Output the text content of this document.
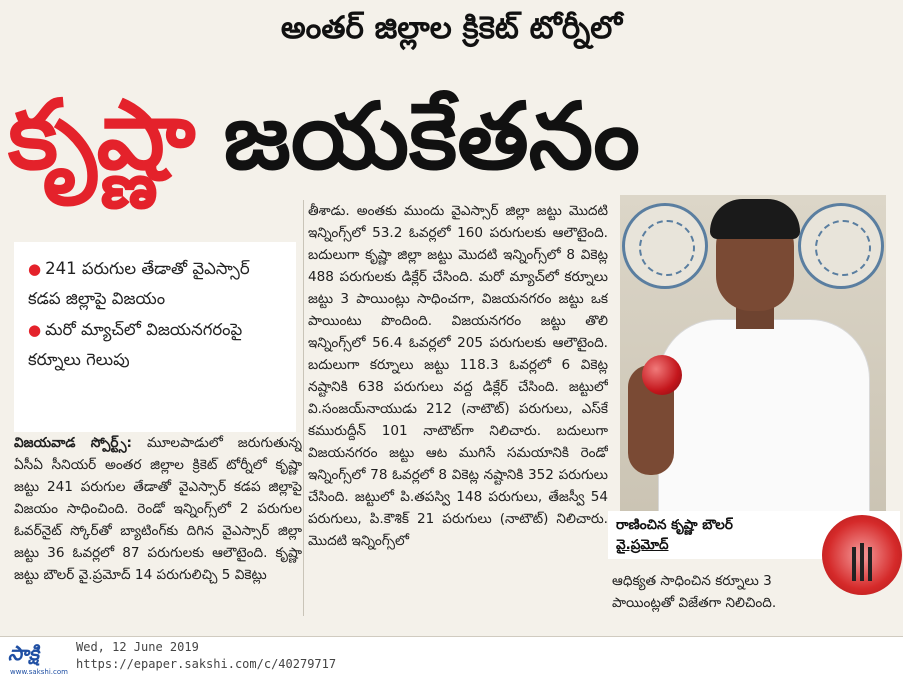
అంతర్ జిల్లాల క్రికెట్ టోర్నీలో
కృష్ణా జయకేతనం
● 241 పరుగుల తేడాతో వైఎస్సార్ కడప జిల్లాపై విజయం
● మరో మ్యాచ్‌లో విజయనగరంపై కర్నూలు గెలుపు

విజయవాడ స్పోర్ట్స్: మూలపాడులో జరుగుతున్న ఏసీఏ సీనియర్ అంతర జిల్లాల క్రికెట్ టోర్నీలో కృష్ణా జట్టు 241 పరుగుల తేడాతో వైఎస్సార్ కడప జిల్లాపై విజయం సాధించింది. రెండో ఇన్నింగ్స్‌లో 2 పరుగుల ఓవర్‌నైట్ స్కోర్‌తో బ్యాటింగ్‌కు దిగిన వైఎస్సార్ జిల్లా జట్టు 36 ఓవర్లలో 87 పరుగులకు ఆలౌటైంది. కృష్ణా జట్టు బౌలర్ వై.ప్రమోద్ 14 పరుగులిచ్చి 5 వికెట్లు

తీశాడు. అంతకు ముందు వైఎస్సార్ జిల్లా జట్టు మొదటి ఇన్నింగ్స్‌లో 53.2 ఓవర్లలో 160 పరుగులకు ఆలౌటైంది. బదులుగా కృష్ణా జిల్లా జట్టు మొదటి ఇన్నింగ్స్‌లో 8 వికెట్ల 488 పరుగులకు డిక్లేర్ చేసింది. మరో మ్యాచ్‌లో కర్నూలు జట్టు 3 పాయింట్లు సాధించగా, విజయనగరం జట్టు ఒక పాయింటు పొందింది. విజయనగరం జట్టు తొలి ఇన్నింగ్స్‌లో 56.4 ఓవర్లలో 205 పరుగులకు ఆలౌటైంది. బదులుగా కర్నూలు జట్టు 118.3 ఓవర్లలో 6 వికెట్ల నష్టానికి 638 పరుగులు వద్ద డిక్లేర్ చేసింది. జట్టులో వి.సంజయ్‌నాయుడు 212 (నాటౌట్) పరుగులు, ఎస్‌కే కమురుద్దీన్ 101 నాటౌట్‌గా నిలిచారు. బదులుగా విజయనగరం జట్టు ఆట ముగిసే సమయానికి రెండో ఇన్నింగ్స్‌లో 78 ఓవర్లలో 8 వికెట్ల నష్టానికి 352 పరుగులు చేసింది. జట్టులో పి.తపస్వి 148 పరుగులు, తేజస్వీ 54 పరుగులు, పి.కౌశిక్ 21 పరుగులు (నాటౌట్) నిలిచారు. మొదటి ఇన్నింగ్స్‌లో

రాణించిన కృష్ణా బౌలర్
వై.ప్రమోద్
ఆధిక్యత సాధించిన కర్నూలు 3 పాయింట్లతో విజేతగా నిలిచింది.
సాక్షి
www.sakshi.com
Wed, 12 June 2019
https://epaper.sakshi.com/c/40279717
